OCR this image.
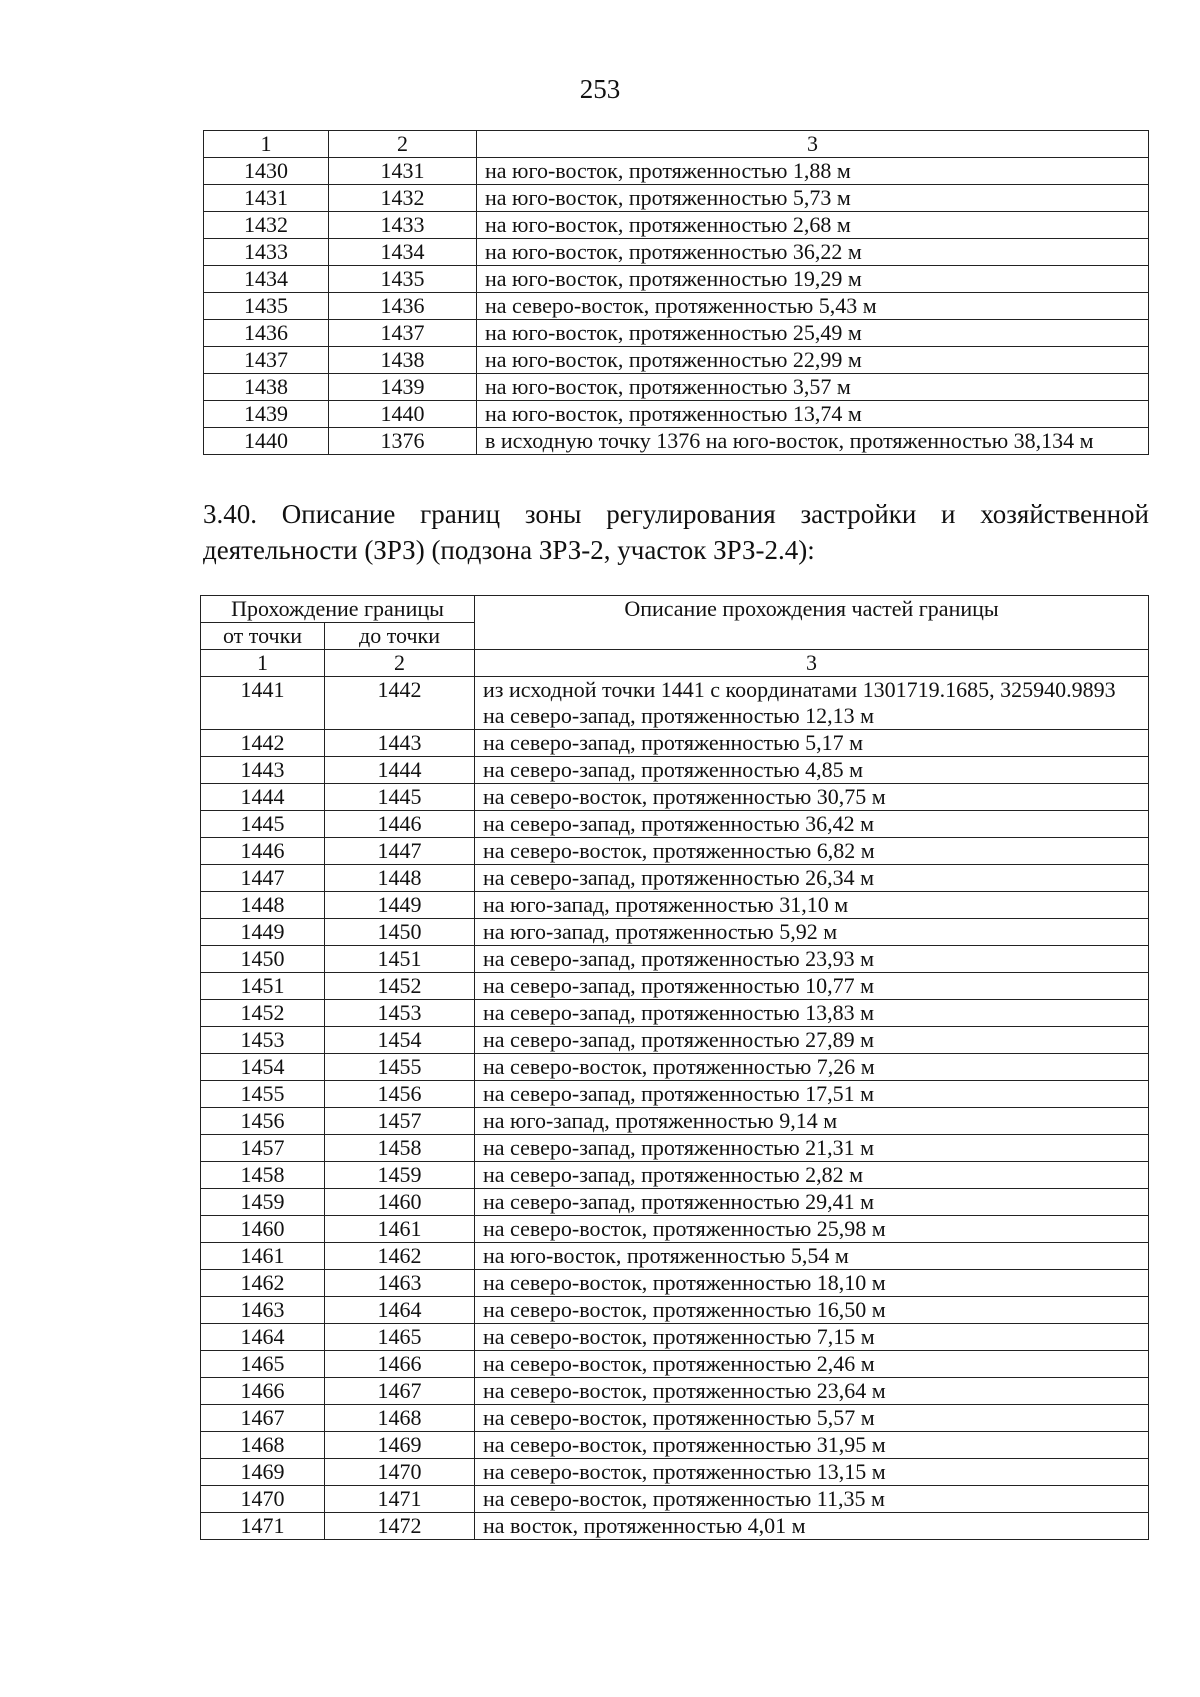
253
1	2	3
1430	1431	на юго-восток, протяженностью 1,88 м
1431	1432	на юго-восток, протяженностью 5,73 м
1432	1433	на юго-восток, протяженностью 2,68 м
1433	1434	на юго-восток, протяженностью 36,22 м
1434	1435	на юго-восток, протяженностью 19,29 м
1435	1436	на северо-восток, протяженностью 5,43 м
1436	1437	на юго-восток, протяженностью 25,49 м
1437	1438	на юго-восток, протяженностью 22,99 м
1438	1439	на юго-восток, протяженностью 3,57 м
1439	1440	на юго-восток, протяженностью 13,74 м
1440	1376	в исходную точку 1376 на юго-восток, протяженностью 38,134 м
3.40. Описание границ зоны регулирования застройки и хозяйственной деятельности (ЗРЗ) (подзона ЗРЗ-2, участок ЗРЗ-2.4):
Прохождение границы		Описание прохождения частей границы
от точки	до точки	
1	2	3
1441	1442	из исходной точки 1441 с координатами 1301719.1685, 325940.9893 на северо-запад, протяженностью 12,13 м
1442	1443	на северо-запад, протяженностью 5,17 м
1443	1444	на северо-запад, протяженностью 4,85 м
1444	1445	на северо-восток, протяженностью 30,75 м
1445	1446	на северо-запад, протяженностью 36,42 м
1446	1447	на северо-восток, протяженностью 6,82 м
1447	1448	на северо-запад, протяженностью 26,34 м
1448	1449	на юго-запад, протяженностью 31,10 м
1449	1450	на юго-запад, протяженностью 5,92 м
1450	1451	на северо-запад, протяженностью 23,93 м
1451	1452	на северо-запад, протяженностью 10,77 м
1452	1453	на северо-запад, протяженностью 13,83 м
1453	1454	на северо-запад, протяженностью 27,89 м
1454	1455	на северо-восток, протяженностью 7,26 м
1455	1456	на северо-запад, протяженностью 17,51 м
1456	1457	на юго-запад, протяженностью 9,14 м
1457	1458	на северо-запад, протяженностью 21,31 м
1458	1459	на северо-запад, протяженностью 2,82 м
1459	1460	на северо-запад, протяженностью 29,41 м
1460	1461	на северо-восток, протяженностью 25,98 м
1461	1462	на юго-восток, протяженностью 5,54 м
1462	1463	на северо-восток, протяженностью 18,10 м
1463	1464	на северо-восток, протяженностью 16,50 м
1464	1465	на северо-восток, протяженностью 7,15 м
1465	1466	на северо-восток, протяженностью 2,46 м
1466	1467	на северо-восток, протяженностью 23,64 м
1467	1468	на северо-восток, протяженностью 5,57 м
1468	1469	на северо-восток, протяженностью 31,95 м
1469	1470	на северо-восток, протяженностью 13,15 м
1470	1471	на северо-восток, протяженностью 11,35 м
1471	1472	на восток, протяженностью 4,01 м
